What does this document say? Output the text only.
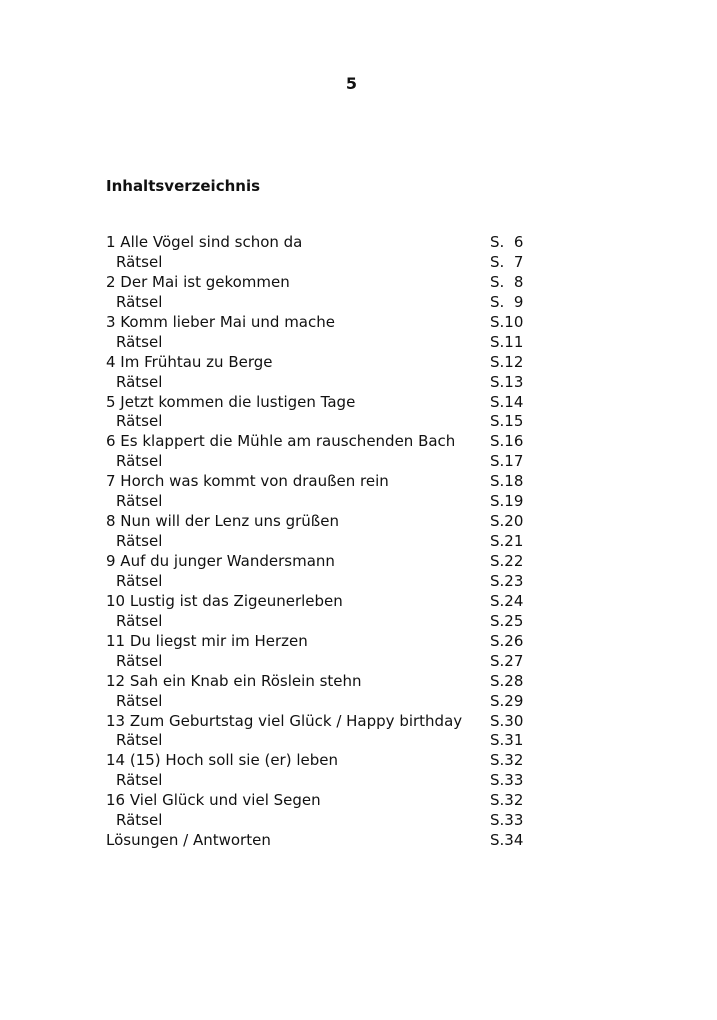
5
Inhaltsverzeichnis
1 Alle Vögel sind schon da	S.  6
Rätsel	S.  7
2 Der Mai ist gekommen	S.  8
Rätsel	S.  9
3 Komm lieber Mai und mache	S.10
Rätsel	S.11
4 Im Frühtau zu Berge	S.12
Rätsel	S.13
5 Jetzt kommen die lustigen Tage	S.14
Rätsel	S.15
6 Es klappert die Mühle am rauschenden Bach S.16
Rätsel	S.17
7 Horch was kommt von draußen rein	S.18
Rätsel	S.19
8 Nun will der Lenz uns grüßen	S.20
Rätsel	S.21
9 Auf du junger Wandersmann	S.22
Rätsel	S.23
10 Lustig ist das Zigeunerleben	S.24
Rätsel	S.25
11 Du liegst mir im Herzen	S.26
Rätsel	S.27
12 Sah ein Knab ein Röslein stehn	S.28
Rätsel	S.29
13 Zum Geburtstag viel Glück / Happy birthday S.30
Rätsel	S.31
14 (15) Hoch soll sie (er) leben	S.32
Rätsel	S.33
16 Viel Glück und viel Segen	S.32
Rätsel	S.33
Lösungen / Antworten	S.34
